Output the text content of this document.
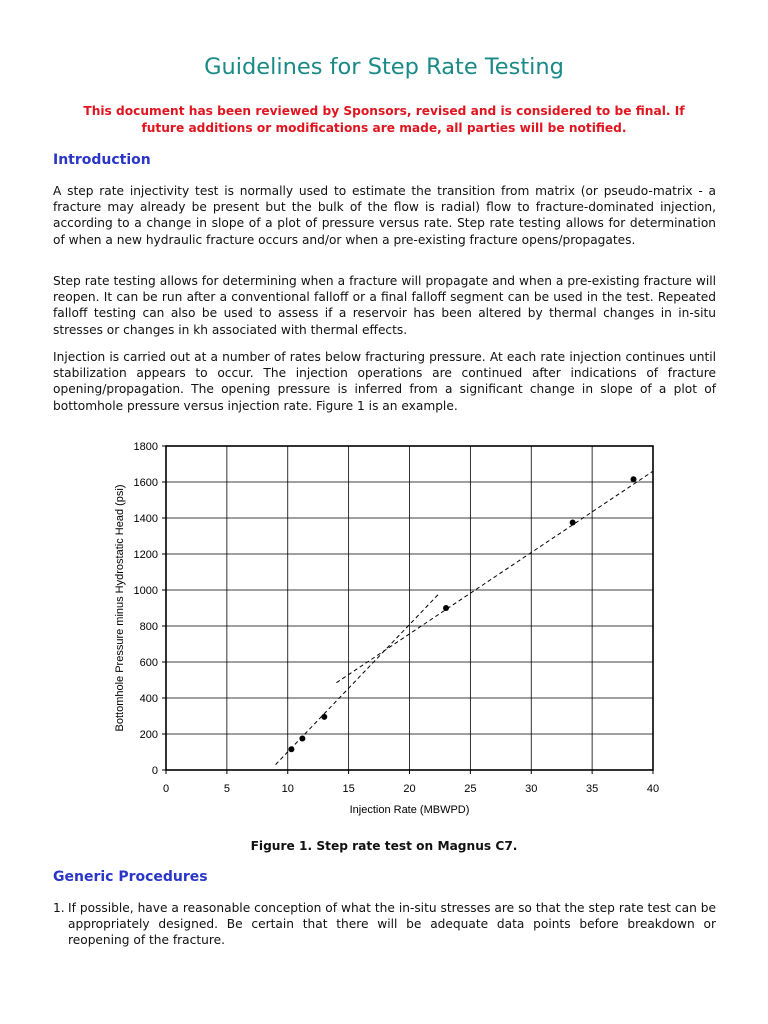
Guidelines for Step Rate Testing
This document has been reviewed by Sponsors, revised and is considered to be final. If future additions or modifications are made, all parties will be notified.
Introduction

A step rate injectivity test is normally used to estimate the transition from matrix (or pseudo-matrix - a fracture may already be present but the bulk of the flow is radial) flow to fracture-dominated injection, according to a change in slope of a plot of pressure versus rate. Step rate testing allows for determination of when a new hydraulic fracture occurs and/or when a pre-existing fracture opens/propagates.

Step rate testing allows for determining when a fracture will propagate and when a pre-existing fracture will reopen. It can be run after a conventional falloff or a final falloff segment can be used in the test. Repeated falloff testing can also be used to assess if a reservoir has been altered by thermal changes in in-situ stresses or changes in kh associated with thermal effects.

Injection is carried out at a number of rates below fracturing pressure. At each rate injection continues until stabilization appears to occur. The injection operations are continued after indications of fracture opening/propagation. The opening pressure is inferred from a significant change in slope of a plot of bottomhole pressure versus injection rate. Figure 1 is an example.

0	5	10	15	20	25	30	35	40
0
200
400
600
800
1000
1200
1400
1600
1800
Injection Rate (MBWPD)
Bottomhole Pressure minus Hydrostatic Head (psi)
Figure 1. Step rate test on Magnus C7.
Generic Procedures
1. If possible, have a reasonable conception of what the in-situ stresses are so that the step rate test can be appropriately designed. Be certain that there will be adequate data points before breakdown or reopening of the fracture.
